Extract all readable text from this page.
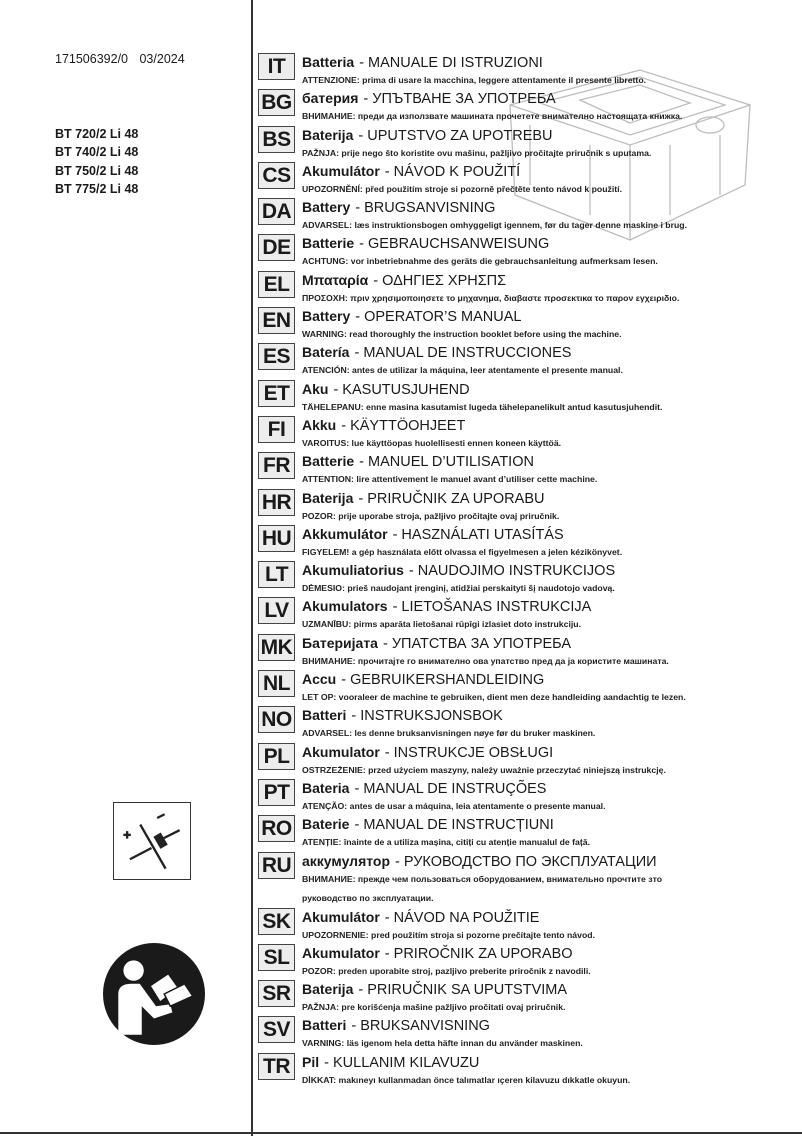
171506392/0 03/2024
BT 720/2 Li 48
BT 740/2 Li 48
BT 750/2 Li 48
BT 775/2 Li 48
IT	Batteria - MANUALE DI ISTRUZIONI
ATTENZIONE: prima di usare la macchina, leggere attentamente il presente libretto.
BG батерия - УПЪТВАНЕ ЗА УПОТРЕБА
ВНИМАНИЕ: преди да използвате машината прочетете внимателно настоящата книжка.
BS Baterija - UPUTSTVO ZA UPOTREBU
PAŽNJA: prije nego što koristite ovu mašinu, pažljivo pročitajte priručnik s uputama.
CS Akumulátor - NÁVOD K POUŽITÍ
UPOZORNĚNÍ: před použitím stroje si pozorně přečtěte tento návod k použití.
DA Battery - BRUGSANVISNING
ADVARSEL: læs instruktionsbogen omhyggeligt igennem, før du tager denne maskine i brug.
DE Batterie - GEBRAUCHSANWEISUNG
ACHTUNG: vor inbetriebnahme des geräts die gebrauchsanleitung aufmerksam lesen.
EL Μπαταρία - ΟΔΗΓΙΕΣ ΧΡΗΣΠΣ
ΠΡΟΣΟΧΗ: πριν χρησιμοποιησετε το μηχανημα, διαβαστε προσεκτικα το παρον εγχειριδιο.
EN Battery - OPERATOR’S MANUAL
WARNING: read thoroughly the instruction booklet before using the machine.
ES Batería - MANUAL DE INSTRUCCIONES
ATENCIÓN: antes de utilizar la máquina, leer atentamente el presente manual.
ET Aku - KASUTUSJUHEND
TÄHELEPANU: enne masina kasutamist lugeda tähelepanelikult antud kasutusjuhendit.
FI	Akku - KÄYTTÖOHJEET
VAROITUS: lue käyttöopas huolellisesti ennen koneen käyttöä.
FR Batterie - MANUEL D’UTILISATION
ATTENTION: lire attentivement le manuel avant d’utiliser cette machine.
HR Baterija - PRIRUČNIK ZA UPORABU
POZOR: prije uporabe stroja, pažljivo pročitajte ovaj priručnik.
HU Akkumulátor - HASZNÁLATI UTASÍTÁS
FIGYELEM! a gép használata előtt olvassa el figyelmesen a jelen kézikönyvet.
LT Akumuliatorius - NAUDOJIMO INSTRUKCIJOS
DĖMESIO: prieš naudojant įrenginį, atidžiai perskaityti šį naudotojo vadovą.
LV Akumulators - LIETOŠANAS INSTRUKCIJA
UZMANĪBU: pirms aparāta lietošanai rūpīgi izlasiet doto instrukciju.
MK Батеријата - УПАТСТВА ЗА УПОТРЕБА
ВНИМАНИЕ: прочитајте го внимателно ова упатство пред да ја користите машината.
NL Accu - GEBRUIKERSHANDLEIDING
LET OP: vooraleer de machine te gebruiken, dient men deze handleiding aandachtig te lezen.
NO Batteri - INSTRUKSJONSBOK
ADVARSEL: les denne bruksanvisningen nøye før du bruker maskinen.
PL Akumulator - INSTRUKCJE OBSŁUGI
OSTRZEŻENIE: przed użyciem maszyny, należy uważnie przeczytać niniejszą instrukcję.
PT Bateria - MANUAL DE INSTRUÇÕES
ATENÇÃO: antes de usar a máquina, leia atentamente o presente manual.
RO Baterie - MANUAL DE INSTRUCȚIUNI
ATENȚIE: înainte de a utiliza mașina, citiți cu atenție manualul de față.
RU аккумулятор - РУКОВОДСТВО ПО ЭКСПЛУАТАЦИИ
ВНИМАНИЕ: прежде чем пользоваться оборудованием, внимательно прочтите зто
руководство по зксплуатации.
SK Akumulátor - NÁVOD NA POUŽITIE
UPOZORNENIE: pred použitím stroja si pozorne prečítajte tento návod.
SL Akumulator - PRIROČNIK ZA UPORABO
POZOR: preden uporabite stroj, pazljivo preberite priročnik z navodili.
SR Baterija - PRIRUČNIK SA UPUTSTVIMA
PAŽNJA: pre korišćenja mašine pažljivo pročitati ovaj priručnik.
SV Batteri - BRUKSANVISNING
VARNING: läs igenom hela detta häfte innan du använder maskinen.
TR Pil - KULLANIM KILAVUZU
DİKKAT: makıneyı kullanmadan önce talımatlar ıçeren kilavuzu dıkkatle okuyun.
